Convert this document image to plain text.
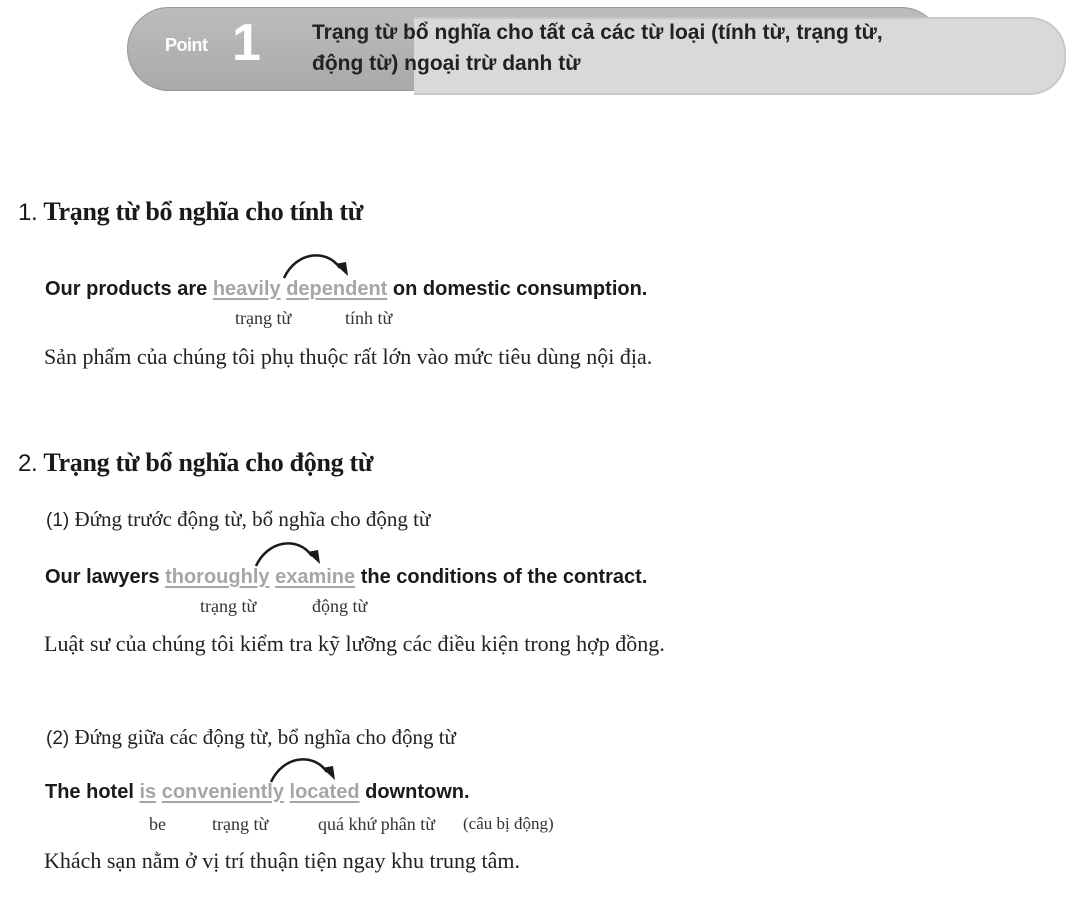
Point 1 Trạng từ bổ nghĩa cho tất cả các từ loại (tính từ, trạng từ, động từ) ngoại trừ danh từ
1. Trạng từ bổ nghĩa cho tính từ
Our products are heavily dependent on domestic consumption.
trạng từ	tính từ
Sản phẩm của chúng tôi phụ thuộc rất lớn vào mức tiêu dùng nội địa.
2. Trạng từ bổ nghĩa cho động từ
(1) Đứng trước động từ, bổ nghĩa cho động từ
Our lawyers thoroughly examine the conditions of the contract.
trạng từ	động từ
Luật sư của chúng tôi kiểm tra kỹ lưỡng các điều kiện trong hợp đồng.
(2) Đứng giữa các động từ, bổ nghĩa cho động từ
The hotel is conveniently located downtown.
be	trạng từ	quá khứ phân từ (câu bị động)
Khách sạn nằm ở vị trí thuận tiện ngay khu trung tâm.
